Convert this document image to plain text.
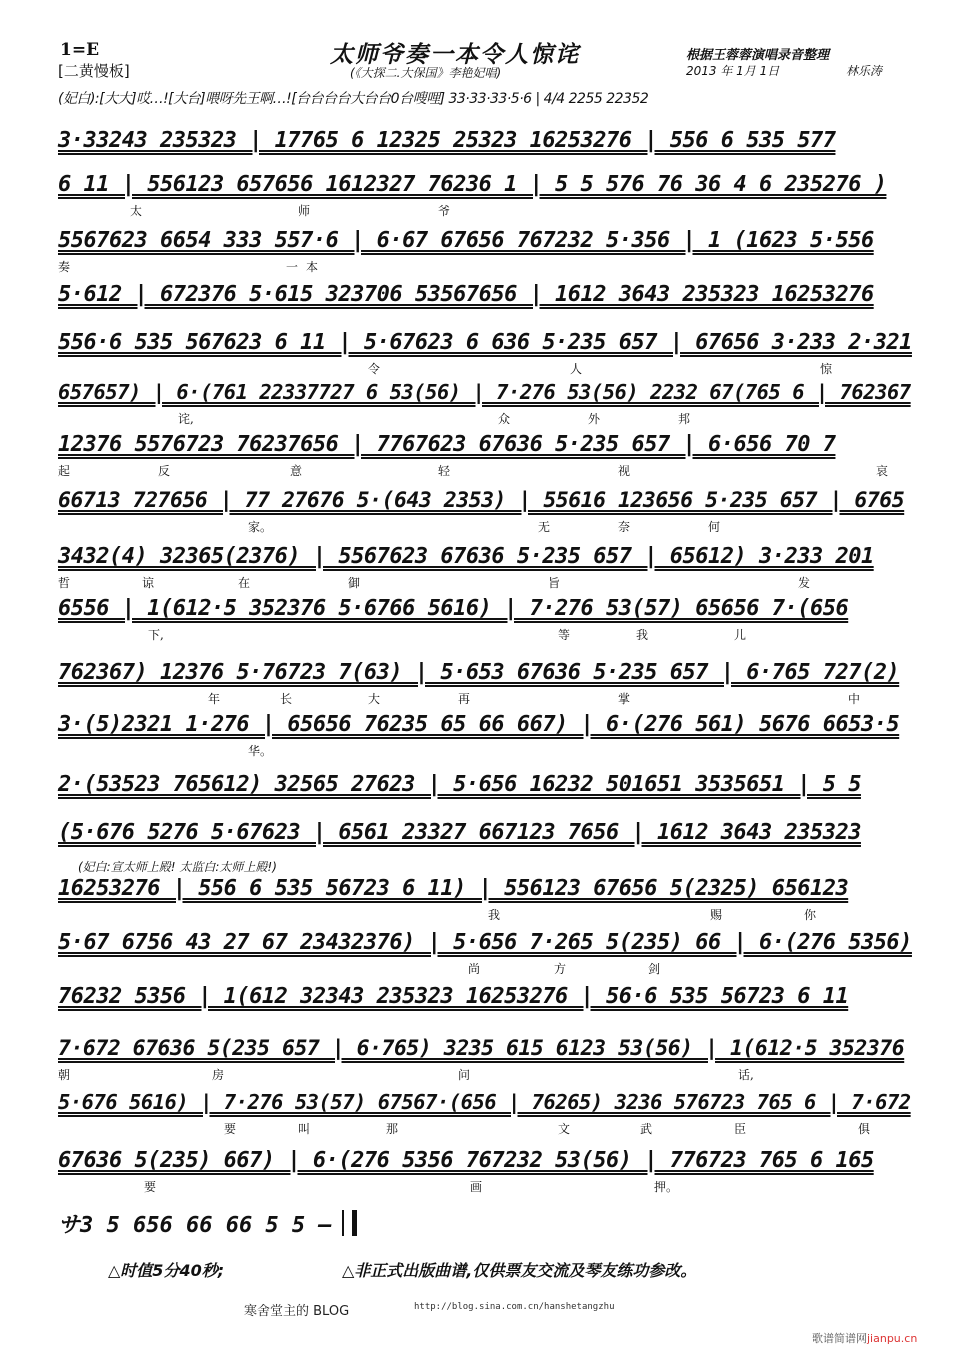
1=E
[二黄慢板]
太师爷奏一本令人惊诧
(《大探二.大保国》李艳妃唱)
根据王蓉蓉演唱录音整理
2013 年 1月 1日	林乐涛
(妃白):[大大]哎…![大台]喂呀先王啊…![台台台台大台台0台嗖哩] 33·33·33·5·6 | 4/4 2255 22352
3·33243 235323 | 17765 6 12325 25323 16253276 | 556 6 535 577
6 11 | 556123 657656 1612327 76236 1 | 5 5 576 76 36 4 6 235276 )
太	师	爷
5567623 6654 333 557·6 | 6·67 67656 767232 5·356 | 1 (1623 5·556
奏	一 本
5·612 | 672376 5·615 323706 53567656 | 1612 3643 235323 16253276
556·6 535 567623 6 11 | 5·67623 6 636 5·235 657 | 67656 3·233 2·321
令	人	惊
657657) | 6·(761 22337727 6 53(56) | 7·276 53(56) 2232 67(765 6 | 762367
诧,	众	外	邦
12376 5576723 76237656 | 7767623 67636 5·235 657 | 6·656 70 7
起	反	意	轻	视	哀
66713 727656 | 77 27676 5·(643 2353) | 55616 123656 5·235 657 | 6765
家。	无	奈	何
3432(4) 32365(2376) | 5567623 67636 5·235 657 | 65612) 3·233 201
哲	谅	在	御	旨	发
6556 | 1(612·5 352376 5·6766 5616) | 7·276 53(57) 65656 7·(656
下,	等	我	儿
762367) 12376 5·76723 7(63) | 5·653 67636 5·235 657 | 6·765 727(2)
年	长	大	再	掌	中
3·(5)2321 1·276 | 65656 76235 65 66 667) | 6·(276 561) 5676 6653·5
华。
2·(53523 765612) 32565 27623 | 5·656 16232 501651 3535651 | 5 5
(5·676 5276 5·67623 | 6561 23327 667123 7656 | 1612 3643 235323
16253276 | 556 6 535 56723 6 11) | 556123 67656 5(2325) 656123
我	赐	你
5·67 6756 43 27 67 23432376) | 5·656 7·265 5(235) 66 | 6·(276 5356)
尚	方	剑
76232 5356 | 1(612 32343 235323 16253276 | 56·6 535 56723 6 11
7·672 67636 5(235 657 | 6·765) 3235 615 6123 53(56) | 1(612·5 352376
朝	房	问	话,
5·676 5616) | 7·276 53(57) 67567·(656 | 76265) 3236 576723 765 6 | 7·672
要	叫	那	文	武	臣	俱
67636 5(235) 667) | 6·(276 5356 767232 53(56) | 776723 765 6 165
要	画	押。
(妃白:宣太师上殿! 太监白:太师上殿!)
サ3 5 656 66 66 5 5 —
△时值5分40秒;	△非正式出版曲谱,仅供票友交流及琴友练功参改。
寒舍堂主的 BLOG	http://blog.sina.com.cn/hanshetangzhu
歌谱简谱网jianpu.cn
